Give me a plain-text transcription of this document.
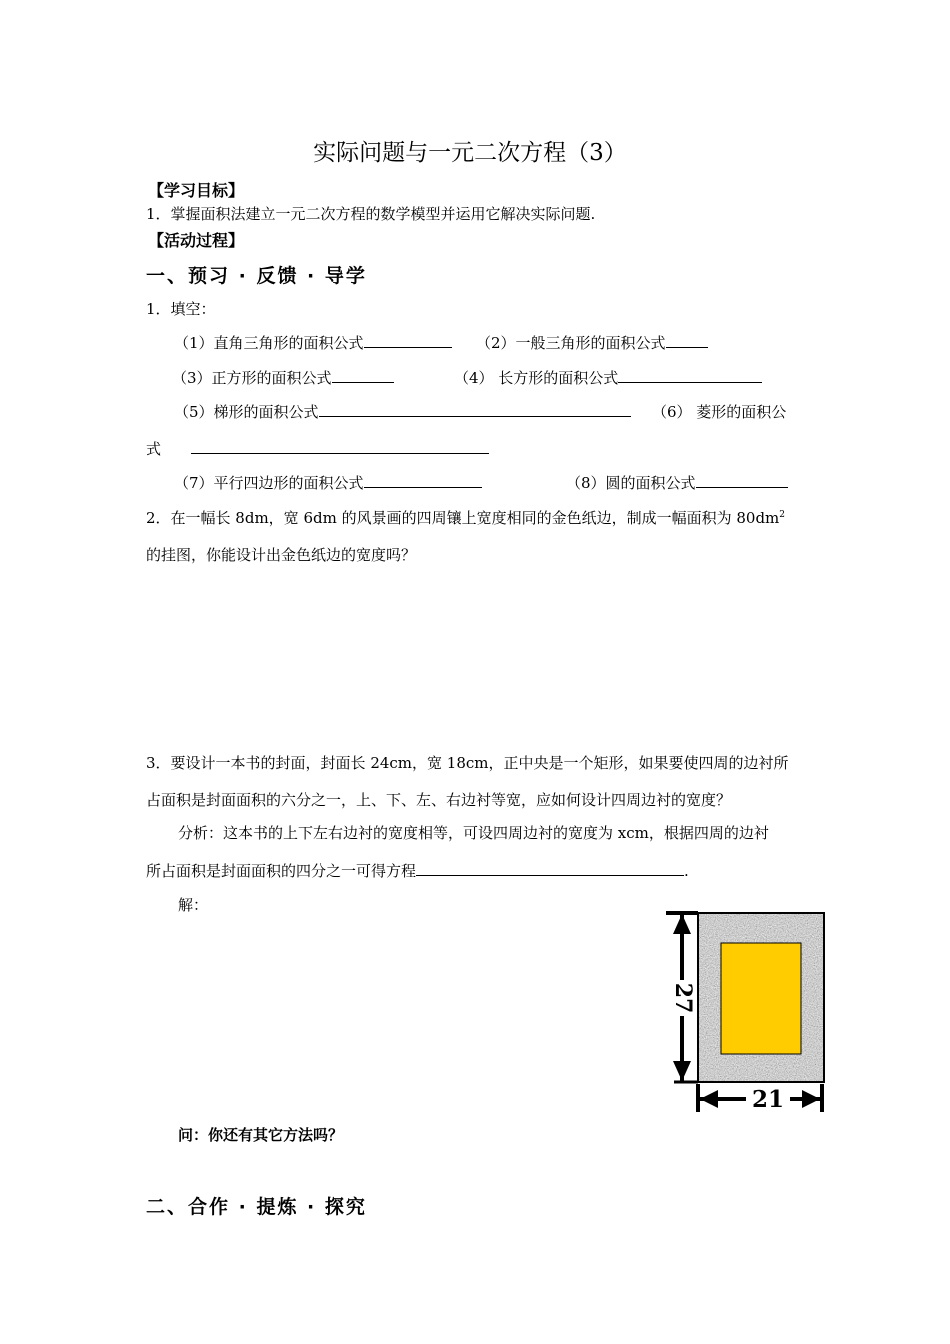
实际问题与一元二次方程（3）
【学习目标】
1．掌握面积法建立一元二次方程的数学模型并运用它解决实际问题.
【活动过程】
一、预习 · 反馈 · 导学
1．填空：
（1）直角三角形的面积公式	（2）一般三角形的面积公式
（3）正方形的面积公式	（4） 长方形的面积公式
（5）梯形的面积公式	（6） 菱形的面积公
式
（7）平行四边形的面积公式	（8）圆的面积公式
2．在一幅长 8dm，宽 6dm 的风景画的四周镶上宽度相同的金色纸边，制成一幅面积为 $80dm^2$
的挂图，你能设计出金色纸边的宽度吗？
3．要设计一本书的封面，封面长 24cm，宽 18cm，正中央是一个矩形，如果要使四周的边衬所
占面积是封面面积的六分之一，上、下、左、右边衬等宽，应如何设计四周边衬的宽度？
分析：这本书的上下左右边衬的宽度相等，可设四周边衬的宽度为 xcm，根据四周的边衬
所占面积是封面面积的四分之一可得方程	.
解：
27
21
问：你还有其它方法吗？
二、合作 · 提炼 · 探究
